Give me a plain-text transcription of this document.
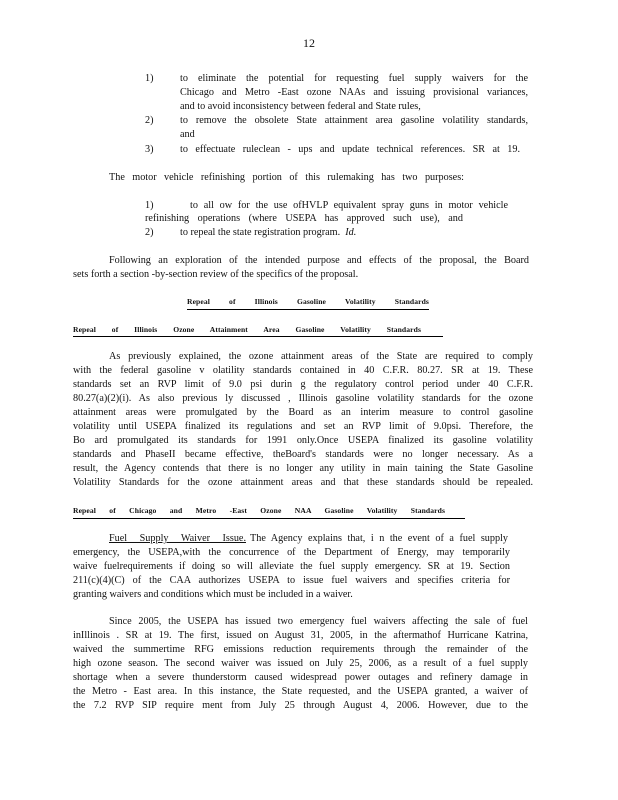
12
1)	to eliminate the potential for requesting fuel supply waivers for the
Chicago and Metro -East ozone NAAs and issuing provisional variances,
and to avoid inconsistency between federal and State rules,
2)	to remove the obsolete State attainment area gasoline volatility standards,
and
3)	to effectuate ruleclean - ups and update technical references. SR at 19.
The motor vehicle refinishing portion of this rulemaking has two purposes:
1)	to all ow for the use ofHVLP equivalent spray guns in motor vehicle
refinishing operations (where USEPA has approved such use), and
2)	to repeal the state registration program. Id.
Following an exploration of the intended purpose and effects of the proposal, the Board
sets forth a section -by-section review of the specifics of the proposal.
Repeal of Illinois Gasoline Volatility Standards
Repeal of Illinois Ozone Attainment Area Gasoline Volatility Standards
As previously explained, the ozone attainment areas of the State are required to comply
with the federal gasoline v olatility standards contained in 40 C.F.R. 80.27. SR at 19. These
standards set an RVP limit of 9.0 psi durin g the regulatory control period under 40 C.F.R.
80.27(a)(2)(i). As also previous ly discussed , Illinois gasoline volatility standards for the ozone
attainment areas were promulgated by the Board as an interim measure to control gasoline
volatility until USEPA finalized its regulations and set an RVP limit of 9.0psi. Therefore, the
Bo ard promulgated its standards for 1991 only.Once USEPA finalized its gasoline volatility
standards and PhaseII became effective, theBoard's standards were no longer necessary. As a
result, the Agency contends that there is no longer any utility in main taining the State Gasoline
Volatility Standards for the ozone attainment areas and that these standards should be repealed.
Repeal of Chicago and Metro -East Ozone NAA Gasoline Volatility Standards
Fuel Supply Waiver Issue. The Agency explains that, i n the event of a fuel supply
emergency, the USEPA,with the concurrence of the Department of Energy, may temporarily
waive fuelrequirements if doing so will alleviate the fuel supply emergency. SR at 19. Section
211(c)(4)(C) of the CAA authorizes USEPA to issue fuel waivers and specifies criteria for
granting waivers and conditions which must be included in a waiver.
Since 2005, the USEPA has issued two emergency fuel waivers affecting the sale of fuel
inIllinois . SR at 19. The first, issued on August 31, 2005, in the aftermathof Hurricane Katrina,
waived the summertime RFG emissions reduction requirements through the remainder of the
high ozone season. The second waiver was issued on July 25, 2006, as a result of a fuel supply
shortage when a severe thunderstorm caused widespread power outages and refinery damage in
the Metro - East area. In this instance, the State requested, and the USEPA granted, a waiver of
the 7.2 RVP SIP require ment from July 25 through August 4, 2006. However, due to the
